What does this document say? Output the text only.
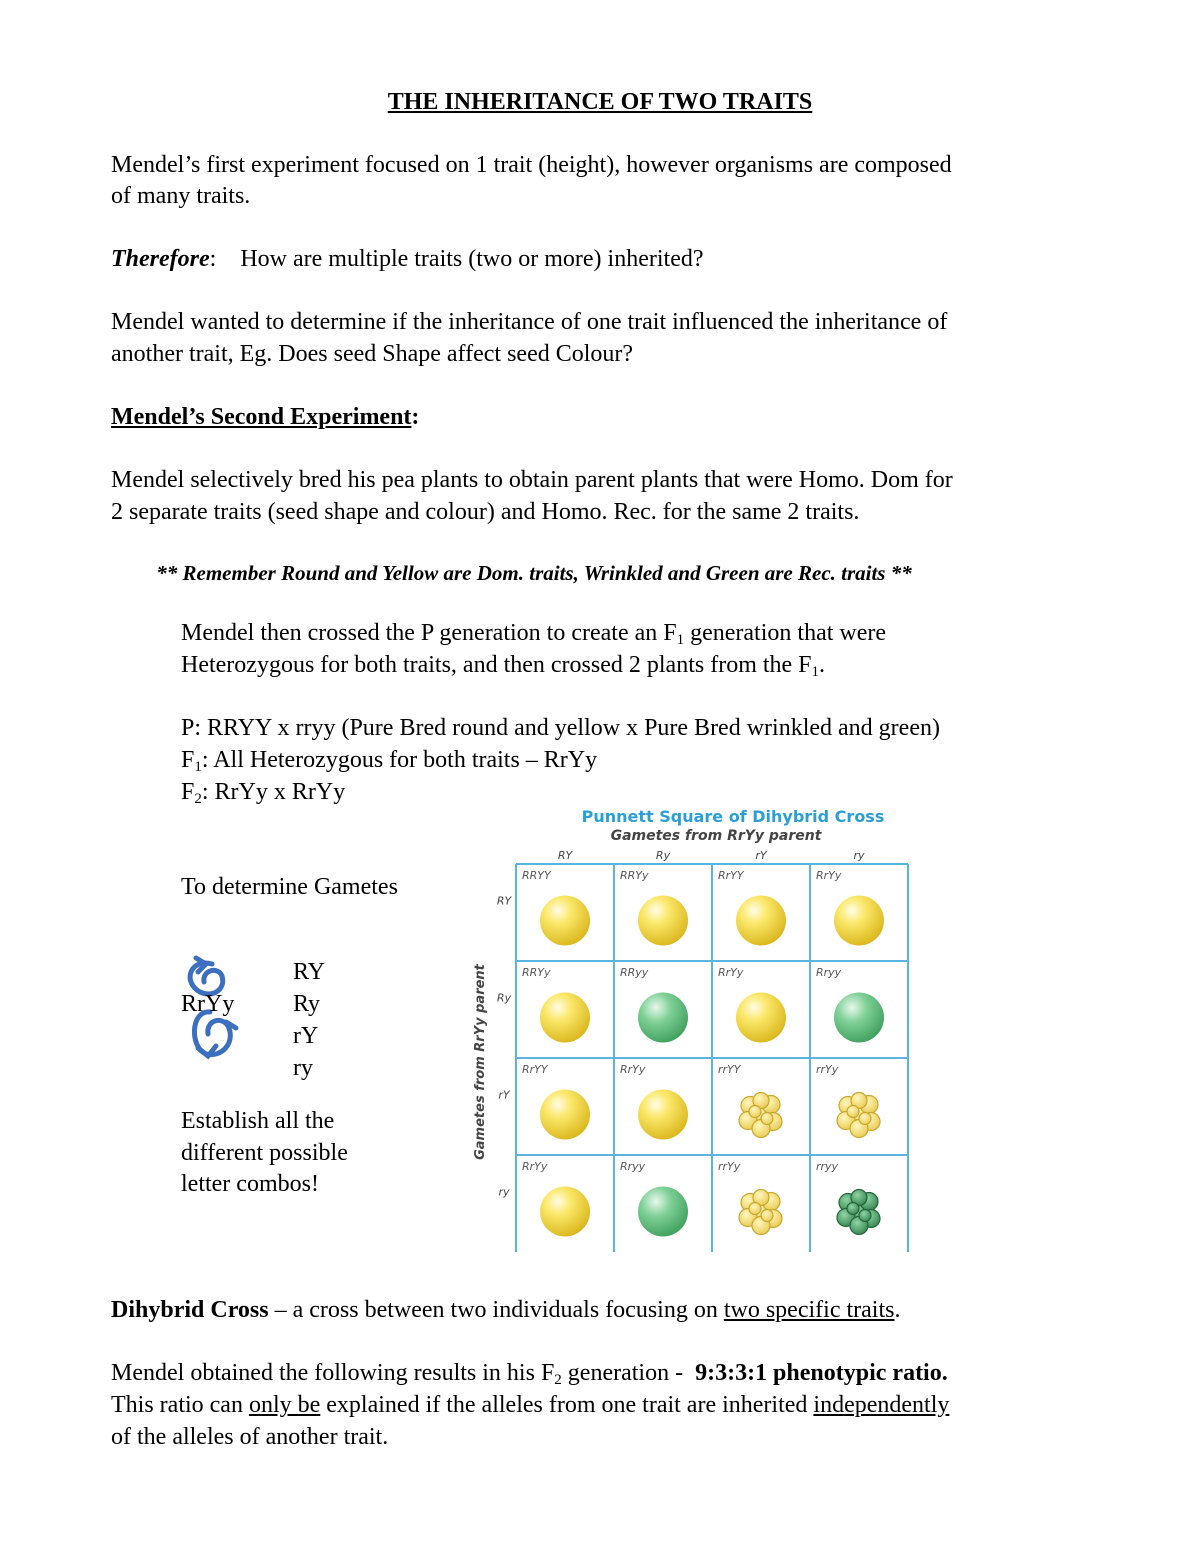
THE INHERITANCE OF TWO TRAITS
Mendel’s first experiment focused on 1 trait (height), however organisms are composed
of many traits.
Therefore: How are multiple traits (two or more) inherited?
Mendel wanted to determine if the inheritance of one trait influenced the inheritance of
another trait, Eg. Does seed Shape affect seed Colour?
Mendel’s Second Experiment:
Mendel selectively bred his pea plants to obtain parent plants that were Homo. Dom for
2 separate traits (seed shape and colour) and Homo. Rec. for the same 2 traits.
** Remember Round and Yellow are Dom. traits, Wrinkled and Green are Rec. traits **
Mendel then crossed the P generation to create an $F_1$ generation that were
Heterozygous for both traits, and then crossed 2 plants from the $F_1$.
P: RRYY x rryy (Pure Bred round and yellow x Pure Bred wrinkled and green)
$F_1$: All Heterozygous for both traits – RrYy
$F_2$: RrYy x RrYy
To determine Gametes
RrYy
RY
Ry
rY
ry
Establish all the
different possible
letter combos!
Punnett Square of Dihybrid Cross
Gametes from RrYy parent
Gametes from RrYy parent
RY	Ry	rY	ry
RY
Ry
rY
ry
RRYY	RRYy	RrYY	RrYy
RRYy	RRyy	RrYy	Rryy
RrYY	RrYy	rrYY	rrYy
RrYy	Rryy	rrYy	rryy
Dihybrid Cross – a cross between two individuals focusing on two specific traits.
Mendel obtained the following results in his $F_2$ generation -  9:3:3:1 phenotypic ratio.
This ratio can only be explained if the alleles from one trait are inherited independently
of the alleles of another trait.
